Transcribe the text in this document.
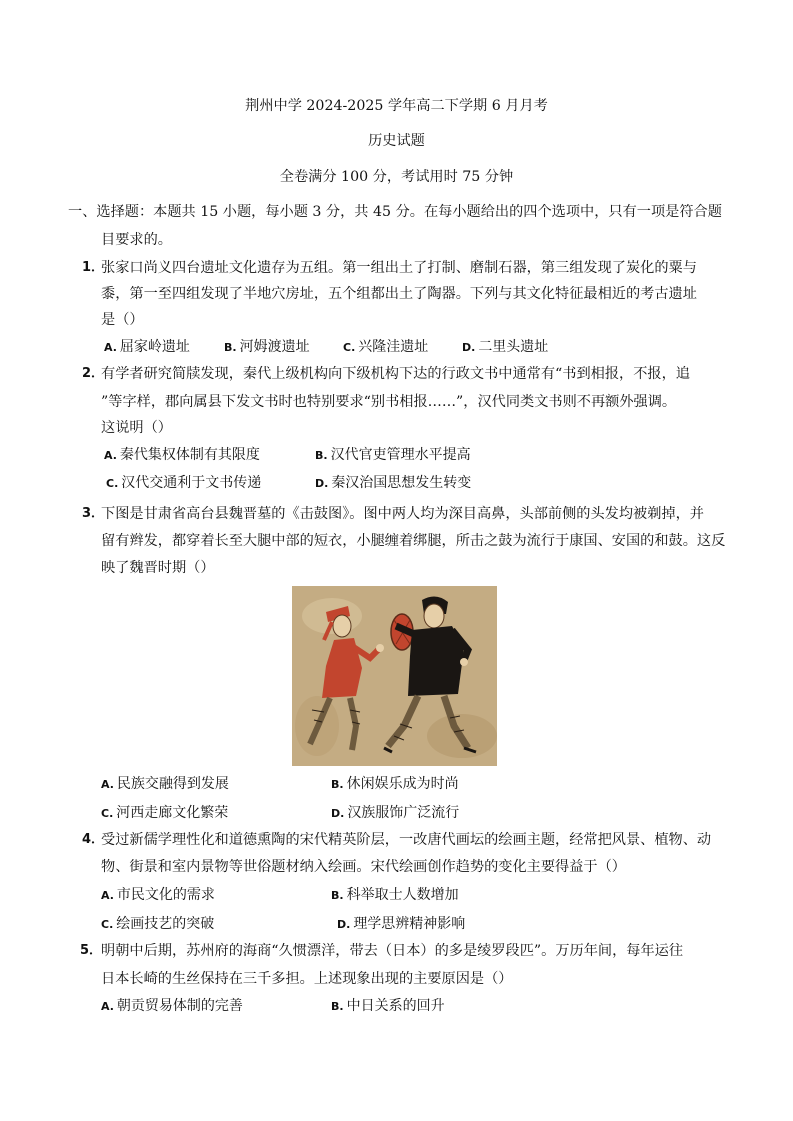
荆州中学 2024-2025 学年高二下学期 6 月月考
历史试题
全卷满分 100 分，考试用时 75 分钟
一、选择题：本题共 15 小题，每小题 3 分，共 45 分。在每小题给出的四个选项中，只有一项是符合题
目要求的。
1．
张家口尚义四台遗址文化遗存为五组。第一组出土了打制、磨制石器，第三组发现了炭化的粟与
黍，第一至四组发现了半地穴房址，五个组都出土了陶器。下列与其文化特征最相近的考古遗址
是（）
A. 屈家岭遗址	B. 河姆渡遗址	C. 兴隆洼遗址	D. 二里头遗址
2．
有学者研究简牍发现，秦代上级机构向下级机构下达的行政文书中通常有“书到相报，不报，追
”等字样，郡向属县下发文书时也特别要求“别书相报……”，汉代同类文书则不再额外强调。
这说明（）
A. 秦代集权体制有其限度	B. 汉代官吏管理水平提高
C. 汉代交通利于文书传递	D. 秦汉治国思想发生转变
3．
下图是甘肃省高台县魏晋墓的《击鼓图》。图中两人均为深目高鼻，头部前侧的头发均被剃掉，并
留有辫发，都穿着长至大腿中部的短衣，小腿缠着绑腿，所击之鼓为流行于康国、安国的和鼓。这反
映了魏晋时期（）
A. 民族交融得到发展	B. 休闲娱乐成为时尚
C. 河西走廊文化繁荣	D. 汉族服饰广泛流行
4．
受过新儒学理性化和道德熏陶的宋代精英阶层，一改唐代画坛的绘画主题，经常把风景、植物、动
物、街景和室内景物等世俗题材纳入绘画。宋代绘画创作趋势的变化主要得益于（）
A. 市民文化的需求	B. 科举取士人数增加
C. 绘画技艺的突破	D. 理学思辨精神影响
5．
明朝中后期，苏州府的海商“久惯漂洋，带去（日本）的多是绫罗段匹”。万历年间，每年运往
日本长崎的生丝保持在三千多担。上述现象出现的主要原因是（）
A. 朝贡贸易体制的完善	B. 中日关系的回升
